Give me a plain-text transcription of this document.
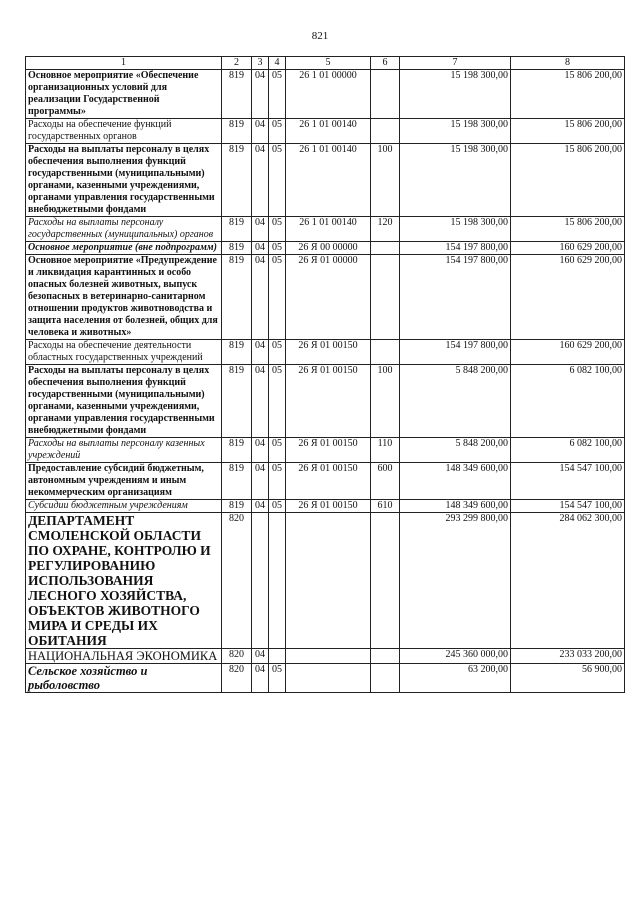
821
1	2	3	4	5	6	7	8
Основное мероприятие «Обеспечение организационных условий для реализации Государственной программы»	819	04	05	26 1 01 00000		15 198 300,00	15 806 200,00
Расходы на обеспечение функций государственных органов	819	04	05	26 1 01 00140		15 198 300,00	15 806 200,00
Расходы на выплаты персоналу в целях обеспечения выполнения функций государственными (муниципальными) органами, казенными учреждениями, органами управления государственными внебюджетными фондами	819	04	05	26 1 01 00140	100	15 198 300,00	15 806 200,00
Расходы на выплаты персоналу государственных (муниципальных) органов	819	04	05	26 1 01 00140	120	15 198 300,00	15 806 200,00
Основное мероприятие (вне подпрограмм)	819	04	05	26 Я 00 00000		154 197 800,00	160 629 200,00
Основное мероприятие «Предупреждение и ликвидация карантинных и особо опасных болезней животных, выпуск безопасных в ветеринарно-санитарном отношении продуктов животноводства и защита населения от болезней, общих для человека и животных»	819	04	05	26 Я 01 00000		154 197 800,00	160 629 200,00
Расходы на обеспечение деятельности областных государственных учреждений	819	04	05	26 Я 01 00150		154 197 800,00	160 629 200,00
Расходы на выплаты персоналу в целях обеспечения выполнения функций государственными (муниципальными) органами, казенными учреждениями, органами управления государственными внебюджетными фондами	819	04	05	26 Я 01 00150	100	5 848 200,00	6 082 100,00
Расходы на выплаты персоналу казенных учреждений	819	04	05	26 Я 01 00150	110	5 848 200,00	6 082 100,00
Предоставление субсидий бюджетным, автономным учреждениям и иным некоммерческим организациям	819	04	05	26 Я 01 00150	600	148 349 600,00	154 547 100,00
Субсидии бюджетным учреждениям	819	04	05	26 Я 01 00150	610	148 349 600,00	154 547 100,00
ДЕПАРТАМЕНТ СМОЛЕНСКОЙ ОБЛАСТИ ПО ОХРАНЕ, КОНТРОЛЮ И РЕГУЛИРОВАНИЮ ИСПОЛЬЗОВАНИЯ ЛЕСНОГО ХОЗЯЙСТВА, ОБЪЕКТОВ ЖИВОТНОГО МИРА И СРЕДЫ ИХ ОБИТАНИЯ	820					293 299 800,00	284 062 300,00
НАЦИОНАЛЬНАЯ ЭКОНОМИКА	820	04				245 360 000,00	233 033 200,00
Сельское хозяйство и рыболовство	820	04	05			63 200,00	56 900,00
